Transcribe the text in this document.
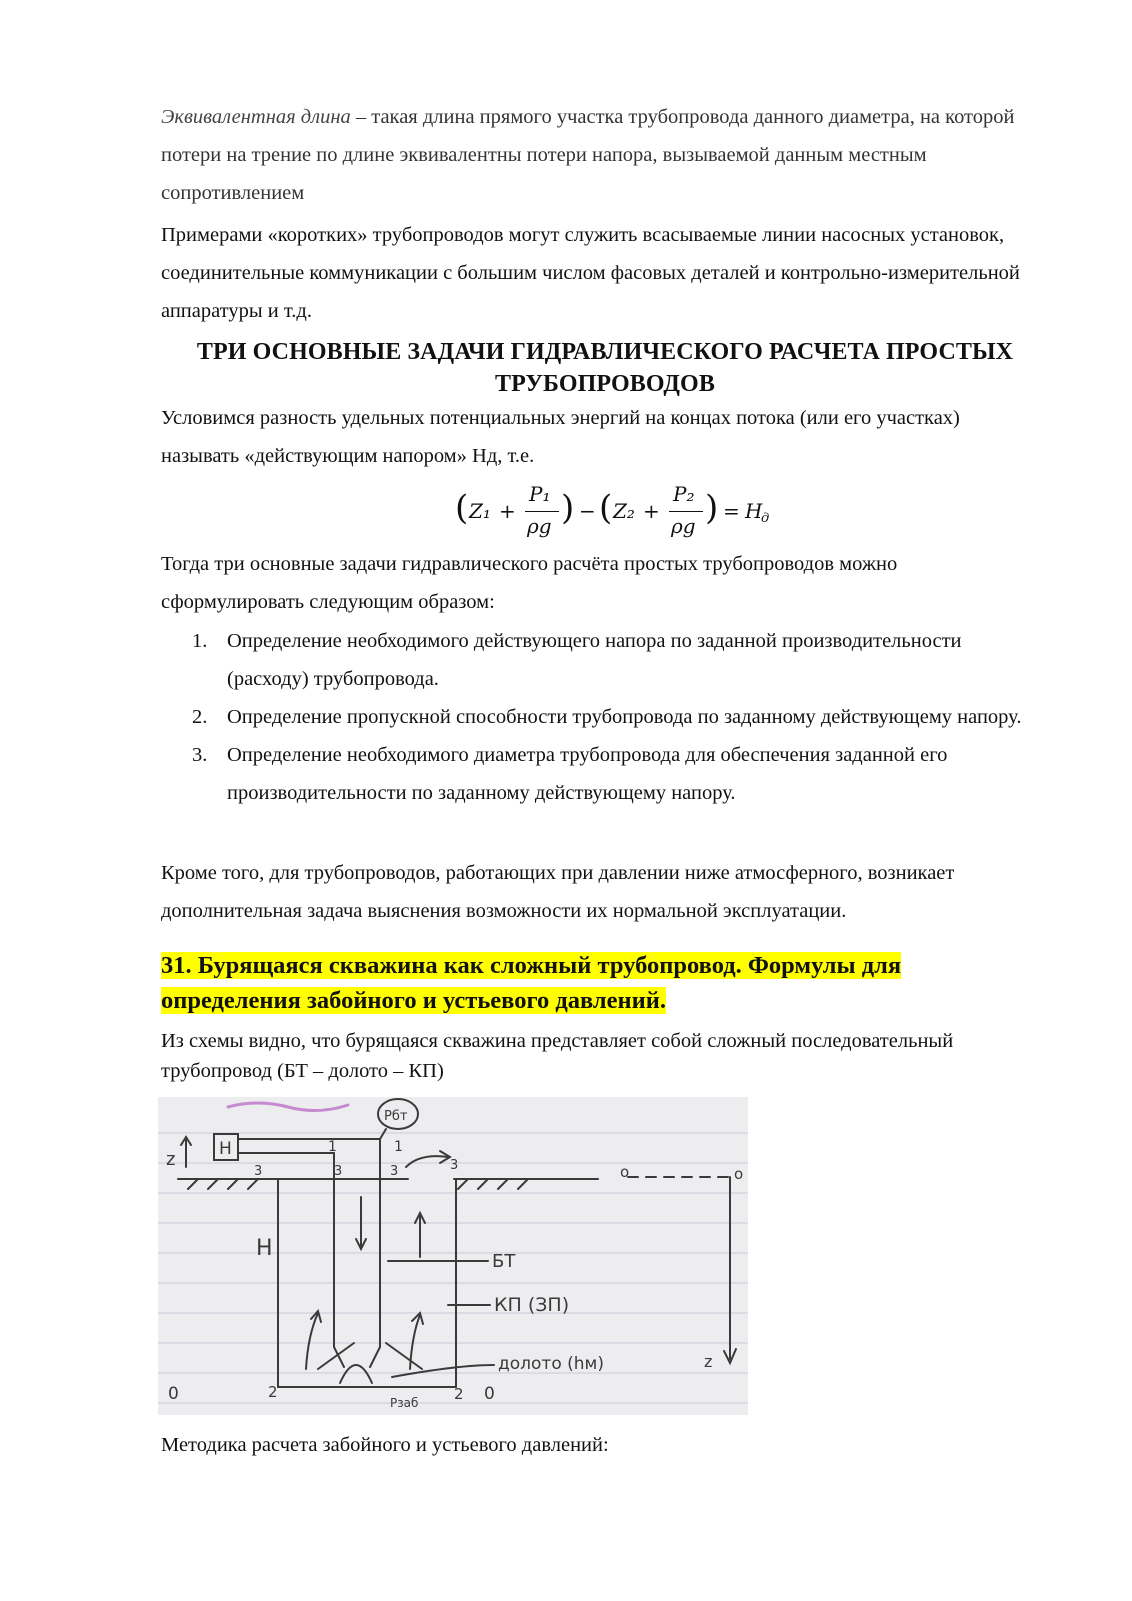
Эквивалентная длина – такая длина прямого участка трубопровода данного диаметра, на которой потери на трение по длине эквивалентны потери напора, вызываемой данным местным сопротивлением

Примерами «коротких» трубопроводов могут служить всасываемые линии насосных установок, соединительные коммуникации с большим числом фасовых деталей и контрольно-измерительной аппаратуры и т.д.

ТРИ ОСНОВНЫЕ ЗАДАЧИ ГИДРАВЛИЧЕСКОГО РАСЧЕТА ПРОСТЫХ ТРУБОПРОВОДОВ

Условимся разность удельных потенциальных энергий на концах потока (или его участках) называть «действующим напором» Нд, т.е.

( Z₁ +
P₁
ρg ) − ( Z₂ +
P₂
ρg ) = H
д

Тогда три основные задачи гидравлического расчёта простых трубопроводов можно сформулировать следующим образом:

1. Определение необходимого действующего напора по заданной производительности (расходу) трубопровода.
2. Определение пропускной способности трубопровода по заданному действующему напору.
3. Определение необходимого диаметра трубопровода для обеспечения заданной его производительности по заданному действующему напору.

Кроме того, для трубопроводов, работающих при давлении ниже атмосферного, возникает дополнительная задача выяснения возможности их нормальной эксплуатации.

31. Бурящаяся скважина как сложный трубопровод. Формулы для определения забойного и устьевого давлений.

Из схемы видно, что бурящаяся скважина представляет собой сложный последовательный трубопровод (БТ – долото – КП)

z	H
Pбт
1	1
3	3	3	3	o	o
H
БТ
КП (ЗП)
долото (hм)	z
0	2
Pзаб 2 0

Методика расчета забойного и устьевого давлений:
